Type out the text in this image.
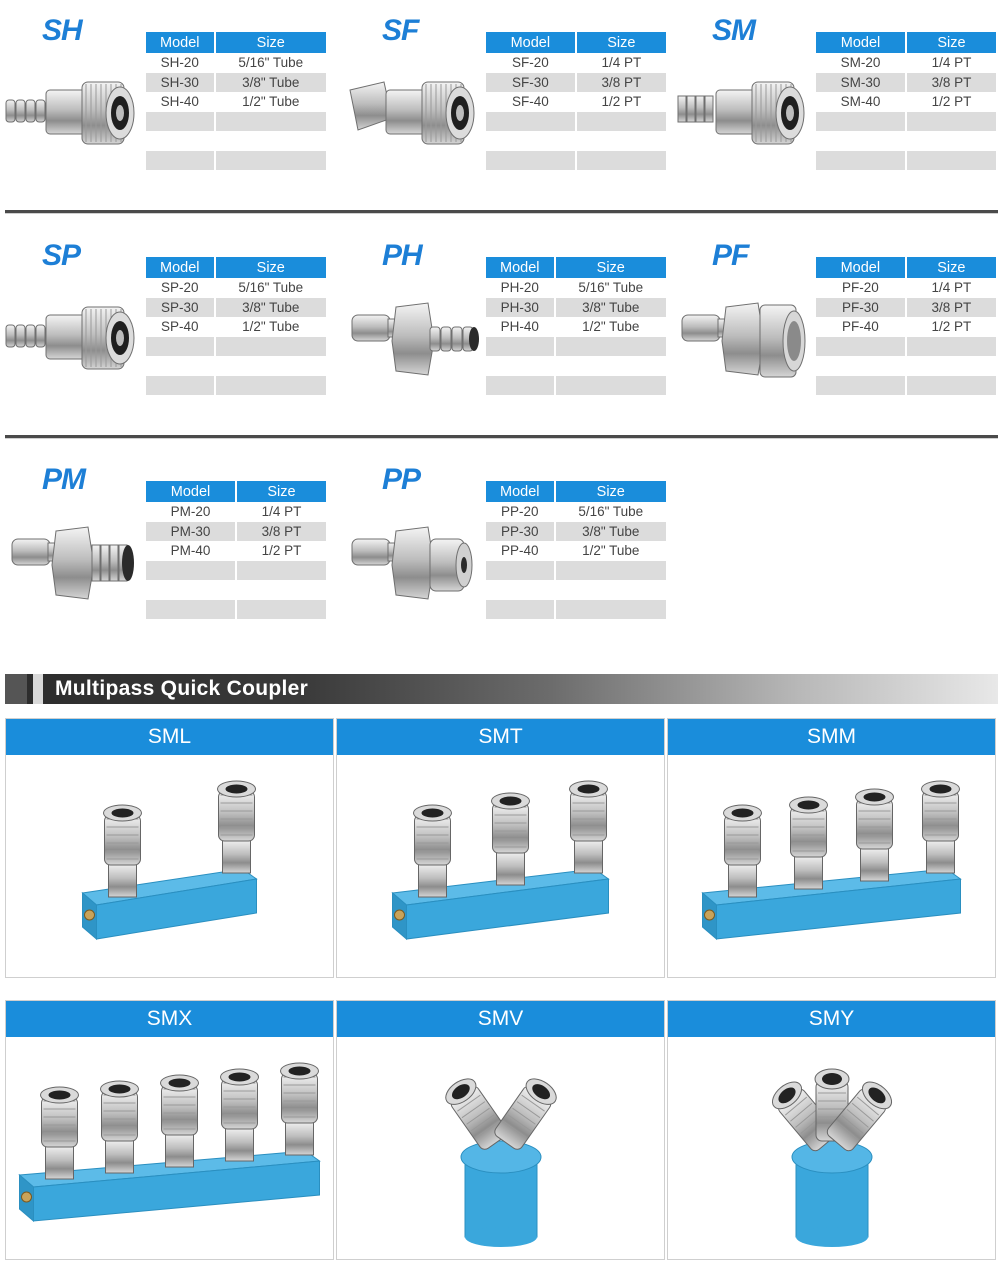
SH	Model	Size
SH-20	5/16" Tube
SH-30	3/8" Tube
SH-40	1/2" Tube

SF	Model	Size
SF-20	1/4 PT
SF-30	3/8 PT
SF-40	1/2 PT

SM	Model	Size
SM-20	1/4 PT
SM-30	3/8 PT
SM-40	1/2 PT

SP	Model	Size
SP-20	5/16" Tube
SP-30	3/8" Tube
SP-40	1/2" Tube

PH	Model	Size
PH-20	5/16" Tube
PH-30	3/8" Tube
PH-40	1/2" Tube

PF	Model	Size
PF-20	1/4 PT
PF-30	3/8 PT
PF-40	1/2 PT

PM	Model	Size
PM-20	1/4 PT
PM-30	3/8 PT
PM-40	1/2 PT

PP	Model	Size
PP-20	5/16" Tube
PP-30	3/8" Tube
PP-40	1/2" Tube

Multipass Quick Coupler
SML	SMT	SMM
SMX	SMV	SMY
